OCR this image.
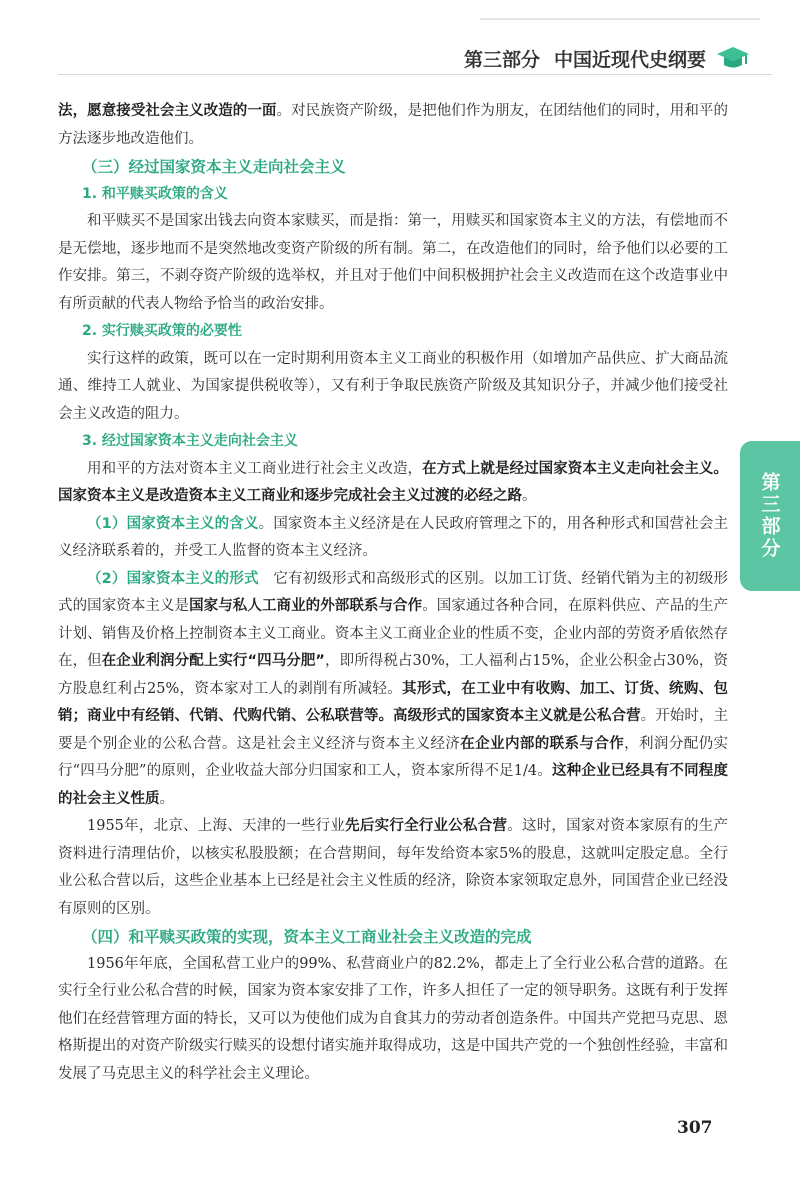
第三部分 中国近现代史纲要
第三部分

法，愿意接受社会主义改造的一面。对民族资产阶级，是把他们作为朋友，在团结他们的同时，用和平的方法逐步地改造他们。

（三）经过国家资本主义走向社会主义

1. 和平赎买政策的含义

和平赎买不是国家出钱去向资本家赎买，而是指：第一，用赎买和国家资本主义的方法，有偿地而不是无偿地，逐步地而不是突然地改变资产阶级的所有制。第二，在改造他们的同时，给予他们以必要的工作安排。第三，不剥夺资产阶级的选举权，并且对于他们中间积极拥护社会主义改造而在这个改造事业中有所贡献的代表人物给予恰当的政治安排。

2. 实行赎买政策的必要性

实行这样的政策，既可以在一定时期利用资本主义工商业的积极作用（如增加产品供应、扩大商品流通、维持工人就业、为国家提供税收等），又有利于争取民族资产阶级及其知识分子，并减少他们接受社会主义改造的阻力。

3. 经过国家资本主义走向社会主义

用和平的方法对资本主义工商业进行社会主义改造，在方式上就是经过国家资本主义走向社会主义。国家资本主义是改造资本主义工商业和逐步完成社会主义过渡的必经之路。

（1）国家资本主义的含义。国家资本主义经济是在人民政府管理之下的，用各种形式和国营社会主义经济联系着的，并受工人监督的资本主义经济。

（2）国家资本主义的形式　它有初级形式和高级形式的区别。以加工订货、经销代销为主的初级形式的国家资本主义是国家与私人工商业的外部联系与合作。国家通过各种合同，在原料供应、产品的生产计划、销售及价格上控制资本主义工商业。资本主义工商业企业的性质不变，企业内部的劳资矛盾依然存在，但在企业利润分配上实行“四马分肥”，即所得税占30%，工人福利占15%，企业公积金占30%，资方股息红利占25%，资本家对工人的剥削有所减轻。其形式，在工业中有收购、加工、订货、统购、包销；商业中有经销、代销、代购代销、公私联营等。高级形式的国家资本主义就是公私合营。开始时，主要是个别企业的公私合营。这是社会主义经济与资本主义经济在企业内部的联系与合作，利润分配仍实行“四马分肥”的原则，企业收益大部分归国家和工人，资本家所得不足1/4。这种企业已经具有不同程度的社会主义性质。

1955年，北京、上海、天津的一些行业先后实行全行业公私合营。这时，国家对资本家原有的生产资料进行清理估价，以核实私股股额；在合营期间，每年发给资本家5%的股息，这就叫定股定息。全行业公私合营以后，这些企业基本上已经是社会主义性质的经济，除资本家领取定息外，同国营企业已经没有原则的区别。

（四）和平赎买政策的实现，资本主义工商业社会主义改造的完成

1956年年底，全国私营工业户的99%、私营商业户的82.2%，都走上了全行业公私合营的道路。在实行全行业公私合营的时候，国家为资本家安排了工作，许多人担任了一定的领导职务。这既有利于发挥他们在经营管理方面的特长，又可以为使他们成为自食其力的劳动者创造条件。中国共产党把马克思、恩格斯提出的对资产阶级实行赎买的设想付诸实施并取得成功，这是中国共产党的一个独创性经验，丰富和发展了马克思主义的科学社会主义理论。

307
